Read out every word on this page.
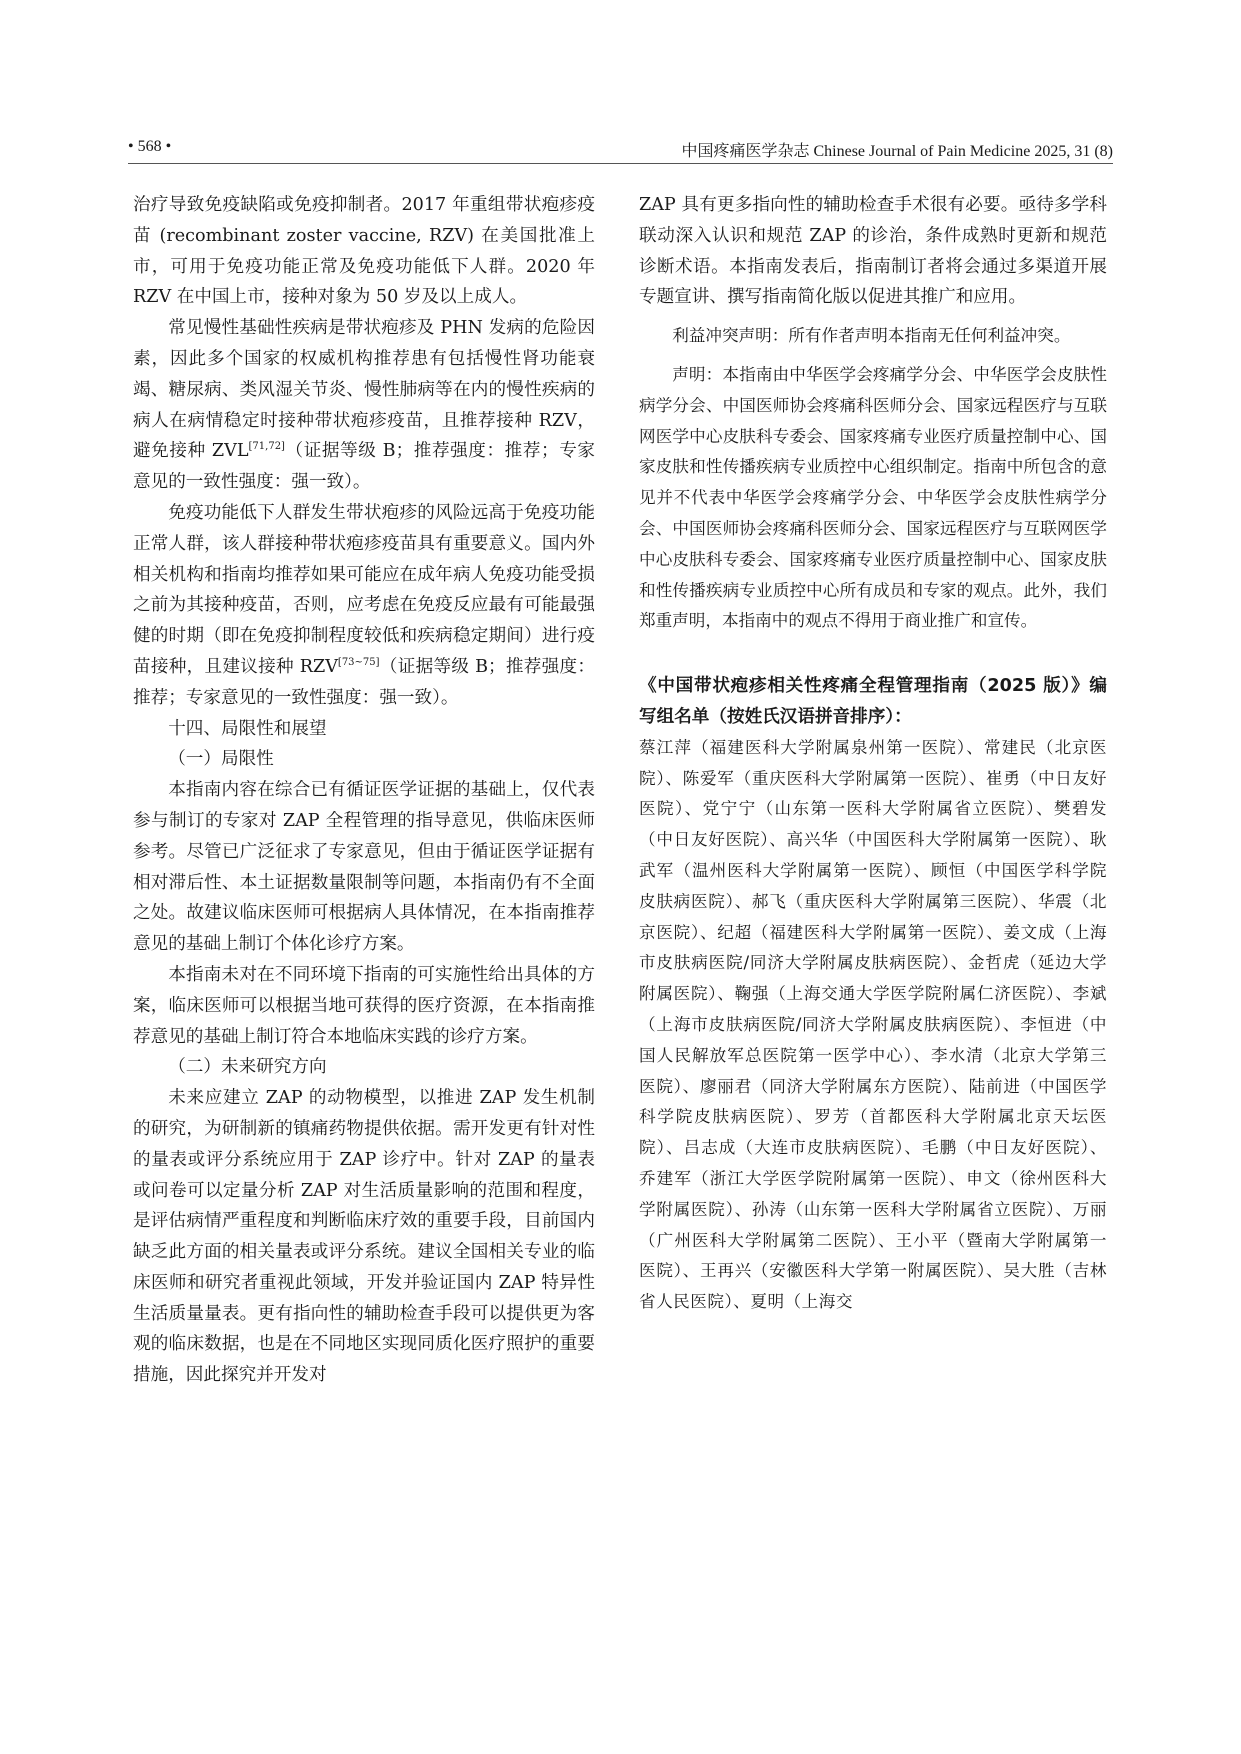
• 568 •	中国疼痛医学杂志 Chinese Journal of Pain Medicine 2025, 31 (8)

治疗导致免疫缺陷或免疫抑制者。2017 年重组带状疱疹疫苗 (recombinant zoster vaccine, RZV) 在美国批准上市，可用于免疫功能正常及免疫功能低下人群。2020 年 RZV 在中国上市，接种对象为 50 岁及以上成人。

常见慢性基础性疾病是带状疱疹及 PHN 发病的危险因素，因此多个国家的权威机构推荐患有包括慢性肾功能衰竭、糖尿病、类风湿关节炎、慢性肺病等在内的慢性疾病的病人在病情稳定时接种带状疱疹疫苗，且推荐接种 RZV，避免接种 ZVL[71,72]（证据等级 B；推荐强度：推荐；专家意见的一致性强度：强一致）。

免疫功能低下人群发生带状疱疹的风险远高于免疫功能正常人群，该人群接种带状疱疹疫苗具有重要意义。国内外相关机构和指南均推荐如果可能应在成年病人免疫功能受损之前为其接种疫苗，否则，应考虑在免疫反应最有可能最强健的时期（即在免疫抑制程度较低和疾病稳定期间）进行疫苗接种，且建议接种 RZV[73~75]（证据等级 B；推荐强度：推荐；专家意见的一致性强度：强一致）。

十四、局限性和展望

（一）局限性

本指南内容在综合已有循证医学证据的基础上，仅代表参与制订的专家对 ZAP 全程管理的指导意见，供临床医师参考。尽管已广泛征求了专家意见，但由于循证医学证据有相对滞后性、本土证据数量限制等问题，本指南仍有不全面之处。故建议临床医师可根据病人具体情况，在本指南推荐意见的基础上制订个体化诊疗方案。

本指南未对在不同环境下指南的可实施性给出具体的方案，临床医师可以根据当地可获得的医疗资源，在本指南推荐意见的基础上制订符合本地临床实践的诊疗方案。

（二）未来研究方向

未来应建立 ZAP 的动物模型，以推进 ZAP 发生机制的研究，为研制新的镇痛药物提供依据。需开发更有针对性的量表或评分系统应用于 ZAP 诊疗中。针对 ZAP 的量表或问卷可以定量分析 ZAP 对生活质量影响的范围和程度，是评估病情严重程度和判断临床疗效的重要手段，目前国内缺乏此方面的相关量表或评分系统。建议全国相关专业的临床医师和研究者重视此领域，开发并验证国内 ZAP 特异性生活质量量表。更有指向性的辅助检查手段可以提供更为客观的临床数据，也是在不同地区实现同质化医疗照护的重要措施，因此探究并开发对

ZAP 具有更多指向性的辅助检查手术很有必要。亟待多学科联动深入认识和规范 ZAP 的诊治，条件成熟时更新和规范诊断术语。本指南发表后，指南制订者将会通过多渠道开展专题宣讲、撰写指南简化版以促进其推广和应用。

利益冲突声明：所有作者声明本指南无任何利益冲突。

声明：本指南由中华医学会疼痛学分会、中华医学会皮肤性病学分会、中国医师协会疼痛科医师分会、国家远程医疗与互联网医学中心皮肤科专委会、国家疼痛专业医疗质量控制中心、国家皮肤和性传播疾病专业质控中心组织制定。指南中所包含的意见并不代表中华医学会疼痛学分会、中华医学会皮肤性病学分会、中国医师协会疼痛科医师分会、国家远程医疗与互联网医学中心皮肤科专委会、国家疼痛专业医疗质量控制中心、国家皮肤和性传播疾病专业质控中心所有成员和专家的观点。此外，我们郑重声明，本指南中的观点不得用于商业推广和宣传。

《中国带状疱疹相关性疼痛全程管理指南（2025 版）》编写组名单（按姓氏汉语拼音排序）：

蔡江萍（福建医科大学附属泉州第一医院）、常建民（北京医院）、陈爱军（重庆医科大学附属第一医院）、崔勇（中日友好医院）、党宁宁（山东第一医科大学附属省立医院）、樊碧发（中日友好医院）、高兴华（中国医科大学附属第一医院）、耿武军（温州医科大学附属第一医院）、顾恒（中国医学科学院皮肤病医院）、郝飞（重庆医科大学附属第三医院）、华震（北京医院）、纪超（福建医科大学附属第一医院）、姜文成（上海市皮肤病医院/同济大学附属皮肤病医院）、金哲虎（延边大学附属医院）、鞠强（上海交通大学医学院附属仁济医院）、李斌（上海市皮肤病医院/同济大学附属皮肤病医院）、李恒进（中国人民解放军总医院第一医学中心）、李水清（北京大学第三医院）、廖丽君（同济大学附属东方医院）、陆前进（中国医学科学院皮肤病医院）、罗芳（首都医科大学附属北京天坛医院）、吕志成（大连市皮肤病医院）、毛鹏（中日友好医院）、乔建军（浙江大学医学院附属第一医院）、申文（徐州医科大学附属医院）、孙涛（山东第一医科大学附属省立医院）、万丽（广州医科大学附属第二医院）、王小平（暨南大学附属第一医院）、王再兴（安徽医科大学第一附属医院）、吴大胜（吉林省人民医院）、夏明（上海交
